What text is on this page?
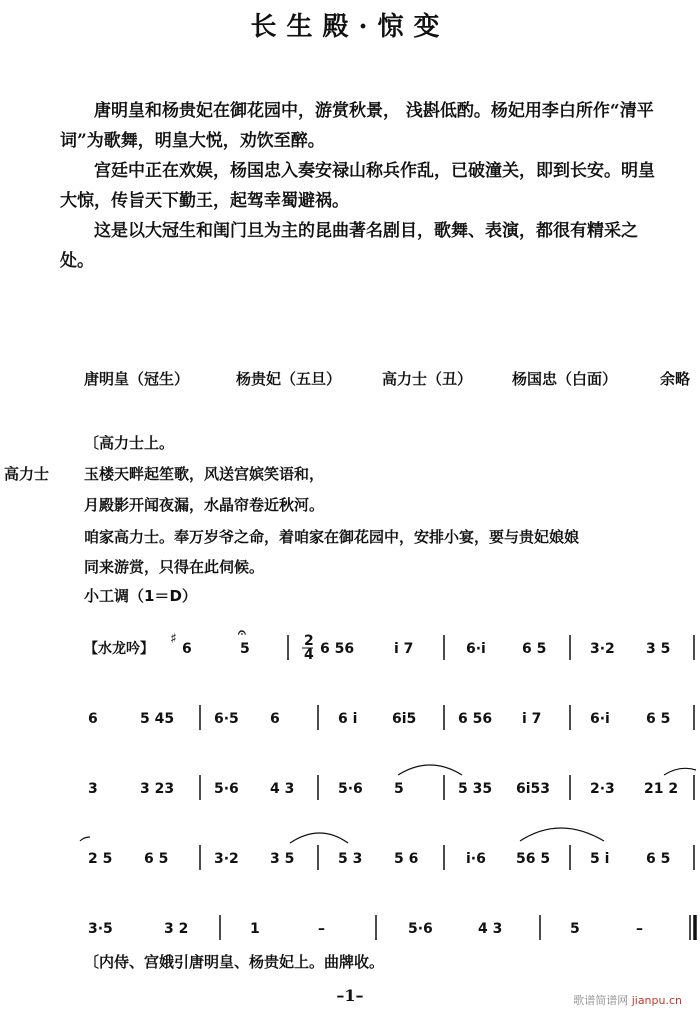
长生殿·惊变

唐明皇和杨贵妃在御花园中，游赏秋景， 浅斟低酌。杨妃用李白所作“清平词”为歌舞，明皇大悦，劝饮至醉。

宫廷中正在欢娱，杨国忠入奏安禄山称兵作乱，已破潼关，即到长安。明皇大惊，传旨天下勤王，起驾幸蜀避祸。

这是以大冠生和闺门旦为主的昆曲著名剧目，歌舞、表演，都很有精采之处。

唐明皇（冠生）	杨贵妃（五旦）	高力士（丑）	杨国忠（白面）	余略
〔高力士上。
高力士 玉楼天畔起笙歌，风送宫嫔笑语和，
月殿影开闻夜漏，水晶帘卷近秋河。
咱家高力士。奉万岁爷之命，着咱家在御花园中，安排小宴，要与贵妃娘娘
同来游赏，只得在此伺候。
小工调（1＝D）
【水龙吟】
♯
6
𝄐
5	2
4 6 56	i 7	6·i	6 5	3·2 3 5
6	5 45	6·5 6	6 i 6i5	6 56 i 7	6·i	6 5
3	3 23	5·6 4 3	5·6 5	5 35 6i53	2·3 21 2
2 5 6 5	3·2 3 5	5 3 5 6	i·6 56 5	5 i	6 5
3·5	3 2	1	–	5·6	4 3	5	–
〔内侍、宫娥引唐明皇、杨贵妃上。曲牌收。
–1–	歌谱简谱网 jianpu.cn
